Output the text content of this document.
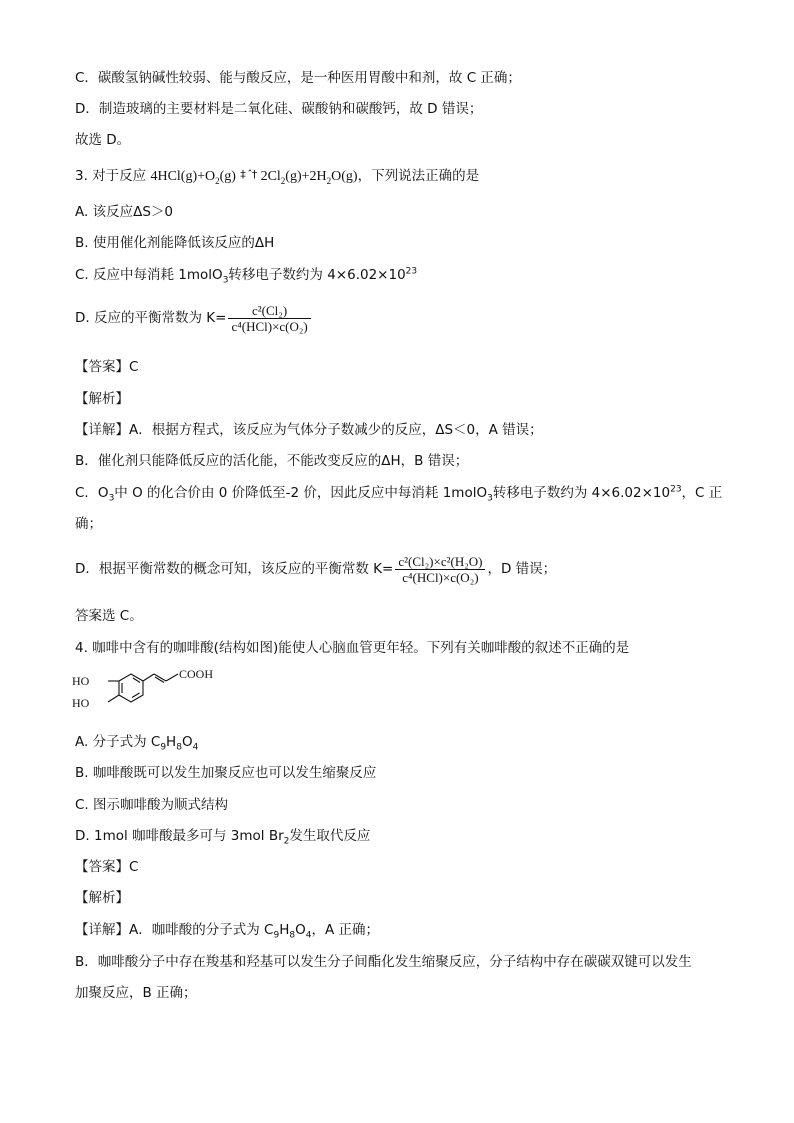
C．碳酸氢钠碱性较弱、能与酸反应，是一种医用胃酸中和剂，故 C 正确；
D．制造玻璃的主要材料是二氧化硅、碳酸钠和碳酸钙，故 D 错误；
故选 D。
3. 对于反应 $4HCl(g)+O_2(g)$ ‡ ˆ† $2Cl_2(g)+2H_2O(g)$，下列说法正确的是
A. 该反应ΔS＞0
B. 使用催化剂能降低该反应的ΔH
C. 反应中每消耗 1molO$_3$转移电子数约为 $4\times 6.02\times 10^{23}$
D. 反应的平衡常数为 $K= \frac{\text{c²(Cl₂)}}{\text{c⁴(HCl)×c(O₂)}}$
【答案】C
【解析】
【详解】A．根据方程式，该反应为气体分子数减少的反应，ΔS＜0，A 错误；
B．催化剂只能降低反应的活化能，不能改变反应的ΔH，B 错误；
C．$O_3$中 O 的化合价由 0 价降低至-2 价，因此反应中每消耗 1molO$_3$转移电子数约为 $4\times 6.02\times 10^{23}$，C 正
确；
D．根据平衡常数的概念可知，该反应的平衡常数 $K= \frac{\text{c²(Cl₂)×c²(H₂O)}}{\text{c⁴(HCl)×c(O₂)}}$ ，D 错误；
答案选 C。
4. 咖啡中含有的咖啡酸(结构如图)能使人心脑血管更年轻。下列有关咖啡酸的叙述不正确的是
HO
HO
COOH
A. 分子式为 $C_9H_8O_4$
B. 咖啡酸既可以发生加聚反应也可以发生缩聚反应
C. 图示咖啡酸为顺式结构
D. 1mol 咖啡酸最多可与 3mol $Br_2$发生取代反应
【答案】C
【解析】
【详解】A．咖啡酸的分子式为 $C_9H_8O_4$，A 正确；
B．咖啡酸分子中存在羧基和羟基可以发生分子间酯化发生缩聚反应，分子结构中存在碳碳双键可以发生
加聚反应，B 正确；
